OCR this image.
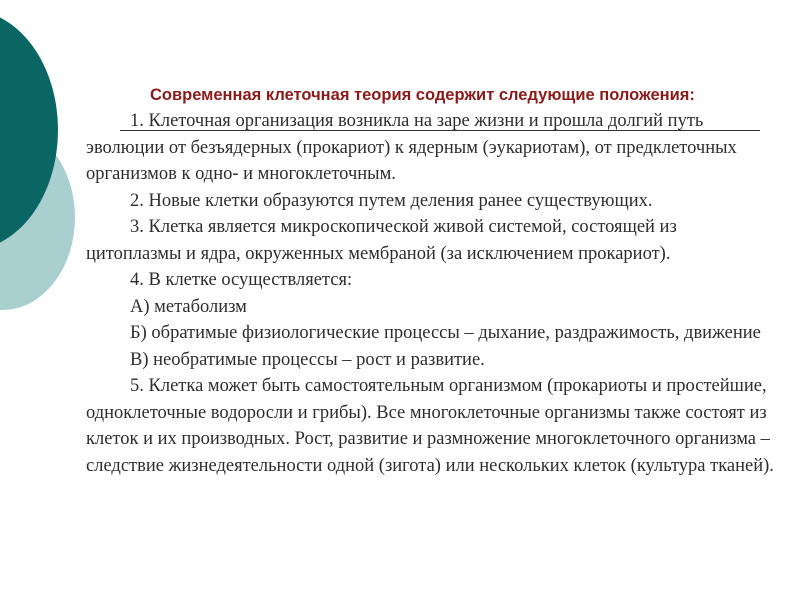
Современная клеточная теория содержит следующие положения:

1. Клеточная организация возникла на заре жизни и прошла долгий путь эволюции от безъядерных (прокариот) к ядерным (эукариотам), от предклеточных организмов к одно- и многоклеточным.

2. Новые клетки образуются путем деления ранее существующих.

3. Клетка является микроскопической живой системой, состоящей из цитоплазмы и ядра, окруженных мембраной (за исключением прокариот).

4. В клетке осуществляется:

А) метаболизм

Б) обратимые физиологические процессы – дыхание, раздражимость, движение

В) необратимые процессы – рост и развитие.

5. Клетка может быть самостоятельным организмом (прокариоты и простейшие, одноклеточные водоросли и грибы). Все многоклеточные организмы также состоят из клеток и их производных. Рост, развитие и размножение многоклеточного организма – следствие жизнедеятельности одной (зигота) или нескольких клеток (культура тканей).
